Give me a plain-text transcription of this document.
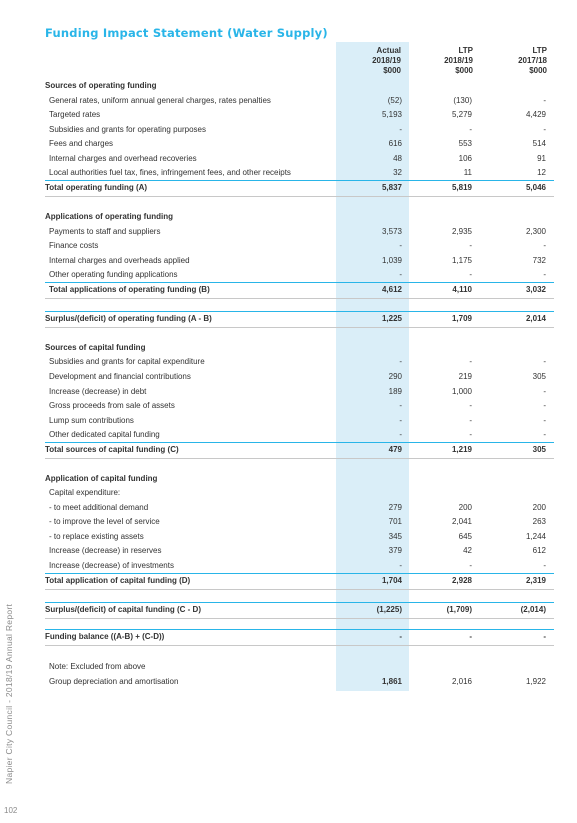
Funding Impact Statement (Water Supply)
Napier City Council - 2018/19 Annual Report
102
Actual
2018/19
$000
LTP
2018/19
$000
LTP
2017/18
$000
Sources of operating funding
General rates, uniform annual general charges, rates penalties	(52)	(130)	-
Targeted rates	5,193	5,279	4,429
Subsidies and grants for operating purposes	-	-	-
Fees and charges	616	553	514
Internal charges and overhead recoveries	48	106	91
Local authorities fuel tax, fines, infringement fees, and other receipts	32	11	12
Total operating funding (A)	5,837	5,819	5,046
Applications of operating funding
Payments to staff and suppliers	3,573	2,935	2,300
Finance costs	-	-	-
Internal charges and overheads applied	1,039	1,175	732
Other operating funding applications	-	-	-
Total applications of operating funding (B)	4,612	4,110	3,032
Surplus/(deficit) of operating funding (A - B)	1,225	1,709	2,014
Sources of capital funding
Subsidies and grants for capital expenditure	-	-	-
Development and financial contributions	290	219	305
Increase (decrease) in debt	189	1,000	-
Gross proceeds from sale of assets	-	-	-
Lump sum contributions	-	-	-
Other dedicated capital funding	-	-	-
Total sources of capital funding (C)	479	1,219	305
Application of capital funding
Capital expenditure:
- to meet additional demand	279	200	200
- to improve the level of service	701	2,041	263
- to replace existing assets	345	645	1,244
Increase (decrease) in reserves	379	42	612
Increase (decrease) of investments	-	-	-
Total application of capital funding (D)	1,704	2,928	2,319
Surplus/(deficit) of capital funding (C - D)	(1,225)	(1,709)	(2,014)
Funding balance ((A-B) + (C-D))	-	-	-
Note: Excluded from above
Group depreciation and amortisation	1,861	2,016	1,922
